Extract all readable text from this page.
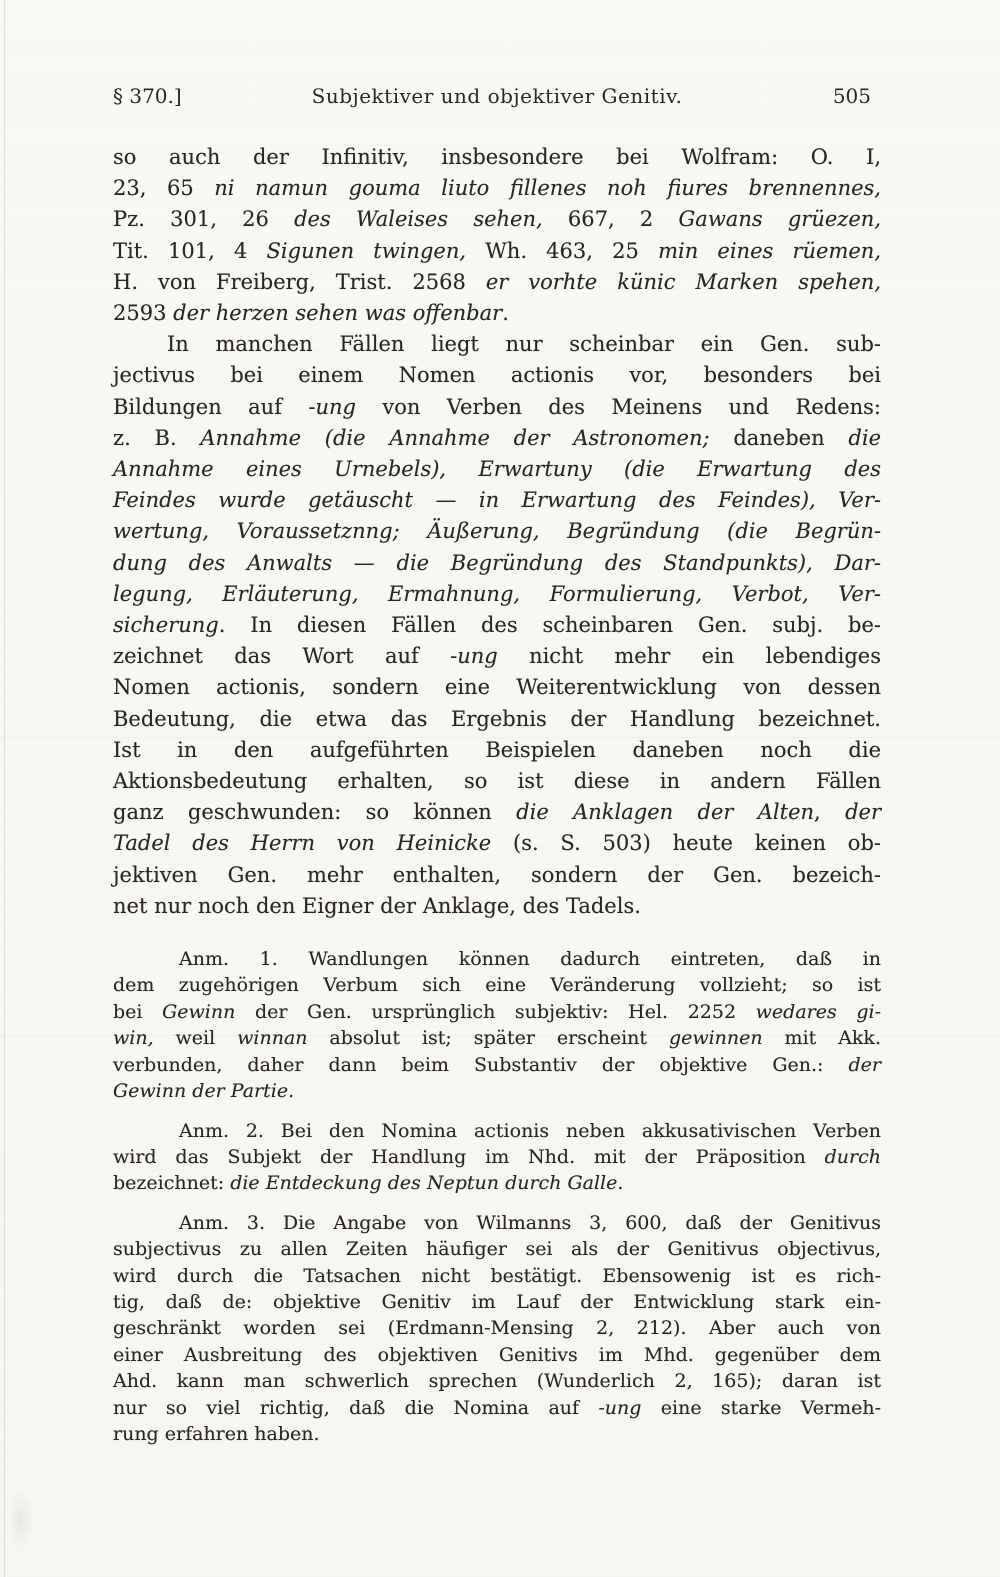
§ 370.]	Subjektiver und objektiver Genitiv.	505
so auch der Infinitiv, insbesondere bei Wolfram: O. I,
23, 65 ni namun gouma liuto fillenes noh fiures brennennes,
Pz. 301, 26 des Waleises sehen, 667, 2 Gawans grüezen,
Tit. 101, 4 Sigunen twingen, Wh. 463, 25 min eines rüemen,
H. von Freiberg, Trist. 2568 er vorhte künic Marken spehen,
2593 der herzen sehen was offenbar.
In manchen Fällen liegt nur scheinbar ein Gen. sub-
jectivus bei einem Nomen actionis vor, besonders bei
Bildungen auf -ung von Verben des Meinens und Redens:
z. B. Annahme (die Annahme der Astronomen; daneben die
Annahme eines Urnebels), Erwartuny (die Erwartung des
Feindes wurde getäuscht — in Erwartung des Feindes), Ver-
wertung, Voraussetznng; Äußerung, Begründung (die Begrün-
dung des Anwalts — die Begründung des Standpunkts), Dar-
legung, Erläuterung, Ermahnung, Formulierung, Verbot, Ver-
sicherung. In diesen Fällen des scheinbaren Gen. subj. be-
zeichnet das Wort auf -ung nicht mehr ein lebendiges
Nomen actionis, sondern eine Weiterentwicklung von dessen
Bedeutung, die etwa das Ergebnis der Handlung bezeichnet.
Ist in den aufgeführten Beispielen daneben noch die
Aktionsbedeutung erhalten, so ist diese in andern Fällen
ganz geschwunden: so können die Anklagen der Alten, der
Tadel des Herrn von Heinicke (s. S. 503) heute keinen ob-
jektiven Gen. mehr enthalten, sondern der Gen. bezeich-
net nur noch den Eigner der Anklage, des Tadels.
Anm. 1. Wandlungen können dadurch eintreten, daß in
dem zugehörigen Verbum sich eine Veränderung vollzieht; so ist
bei Gewinn der Gen. ursprünglich subjektiv: Hel. 2252 wedares gi-
win, weil winnan absolut ist; später erscheint gewinnen mit Akk.
verbunden, daher dann beim Substantiv der objektive Gen.: der
Gewinn der Partie.
Anm. 2. Bei den Nomina actionis neben akkusativischen Verben
wird das Subjekt der Handlung im Nhd. mit der Präposition durch
bezeichnet: die Entdeckung des Neptun durch Galle.
Anm. 3. Die Angabe von Wilmanns 3, 600, daß der Genitivus
subjectivus zu allen Zeiten häufiger sei als der Genitivus objectivus,
wird durch die Tatsachen nicht bestätigt. Ebensowenig ist es rich-
tig, daß de: objektive Genitiv im Lauf der Entwicklung stark ein-
geschränkt worden sei (Erdmann-Mensing 2, 212). Aber auch von
einer Ausbreitung des objektiven Genitivs im Mhd. gegenüber dem
Ahd. kann man schwerlich sprechen (Wunderlich 2, 165); daran ist
nur so viel richtig, daß die Nomina auf -ung eine starke Vermeh-
rung erfahren haben.
